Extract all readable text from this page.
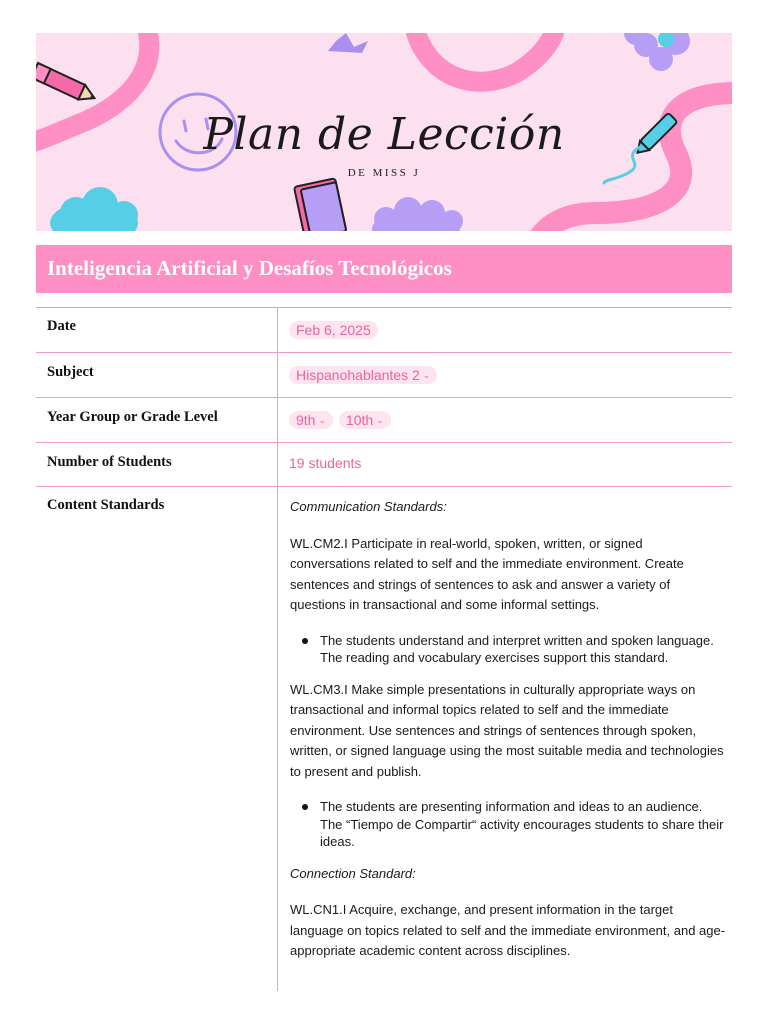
Plan de Lección
DE MISS J
Inteligencia Artificial y Desafíos Tecnológicos
Date	Feb 6, 2025
Subject	Hispanohablantes 2 ⌄
Year Group or Grade Level	9th ⌄ 10th ⌄
Number of Students	19 students
Content Standards	Communication Standards:

WL.CM2.I Participate in real-world, spoken, written, or signed conversations related to self and the immediate environment. Create sentences and strings of sentences to ask and answer a variety of questions in transactional and some informal settings.

The students understand and interpret written and spoken language. The reading and vocabulary exercises support this standard.

WL.CM3.I Make simple presentations in culturally appropriate ways on transactional and informal topics related to self and the immediate environment. Use sentences and strings of sentences through spoken, written, or signed language using the most suitable media and technologies to present and publish.

The students are presenting information and ideas to an audience. The “Tiempo de Compartir“ activity encourages students to share their ideas.

Connection Standard:

WL.CN1.I Acquire, exchange, and present information in the target language on topics related to self and the immediate environment, and age-appropriate academic content across disciplines.
